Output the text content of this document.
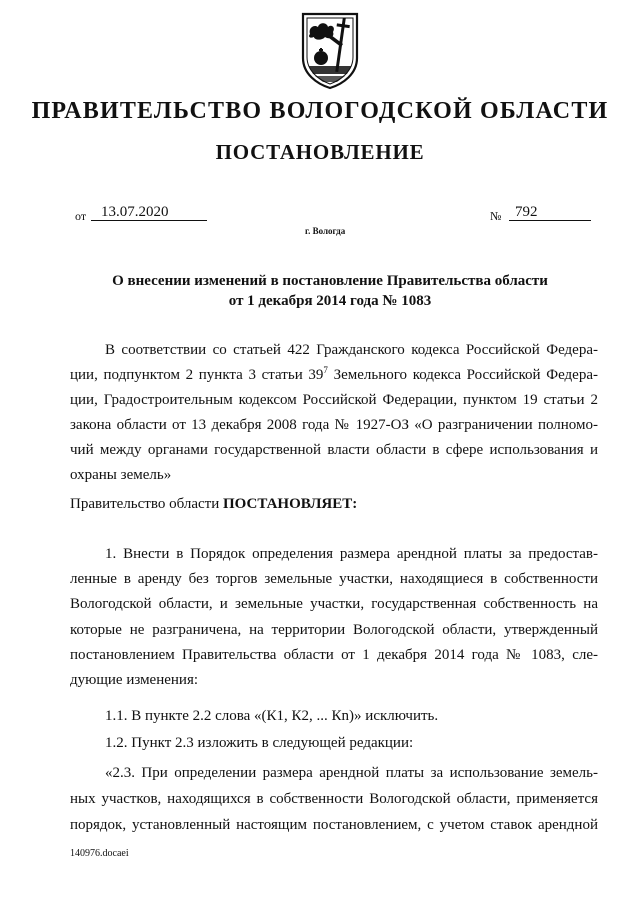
ПРАВИТЕЛЬСТВО ВОЛОГОДСКОЙ ОБЛАСТИ
ПОСТАНОВЛЕНИЕ
от 13.07.2020	№ 792
г. Вологда
О внесении изменений в постановление Правительства области
от 1 декабря 2014 года № 1083
В соответствии со статьей 422 Гражданского кодекса Российской Федера-
ции, подпунктом 2 пункта 3 статьи $39^7$ Земельного кодекса Российской Федера-
ции, Градостроительным кодексом Российской Федерации, пунктом 19 статьи 2
закона области от 13 декабря 2008 года № 1927-ОЗ «О разграничении полномо-
чий между органами государственной власти области в сфере использования и
охраны земель»
Правительство области ПОСТАНОВЛЯЕТ:
1. Внести в Порядок определения размера арендной платы за предостав-
ленные в аренду без торгов земельные участки, находящиеся в собственности
Вологодской области, и земельные участки, государственная собственность на
которые не разграничена, на территории Вологодской области, утвержденный
постановлением Правительства области от 1 декабря 2014 года № 1083, сле-
дующие изменения:
1.1. В пункте 2.2 слова «(К1, К2, ... Кn)» исключить.
1.2. Пункт 2.3 изложить в следующей редакции:
«2.3. При определении размера арендной платы за использование земель-
ных участков, находящихся в собственности Вологодской области, применяется
порядок, установленный настоящим постановлением, с учетом ставок арендной
140976.docaei
